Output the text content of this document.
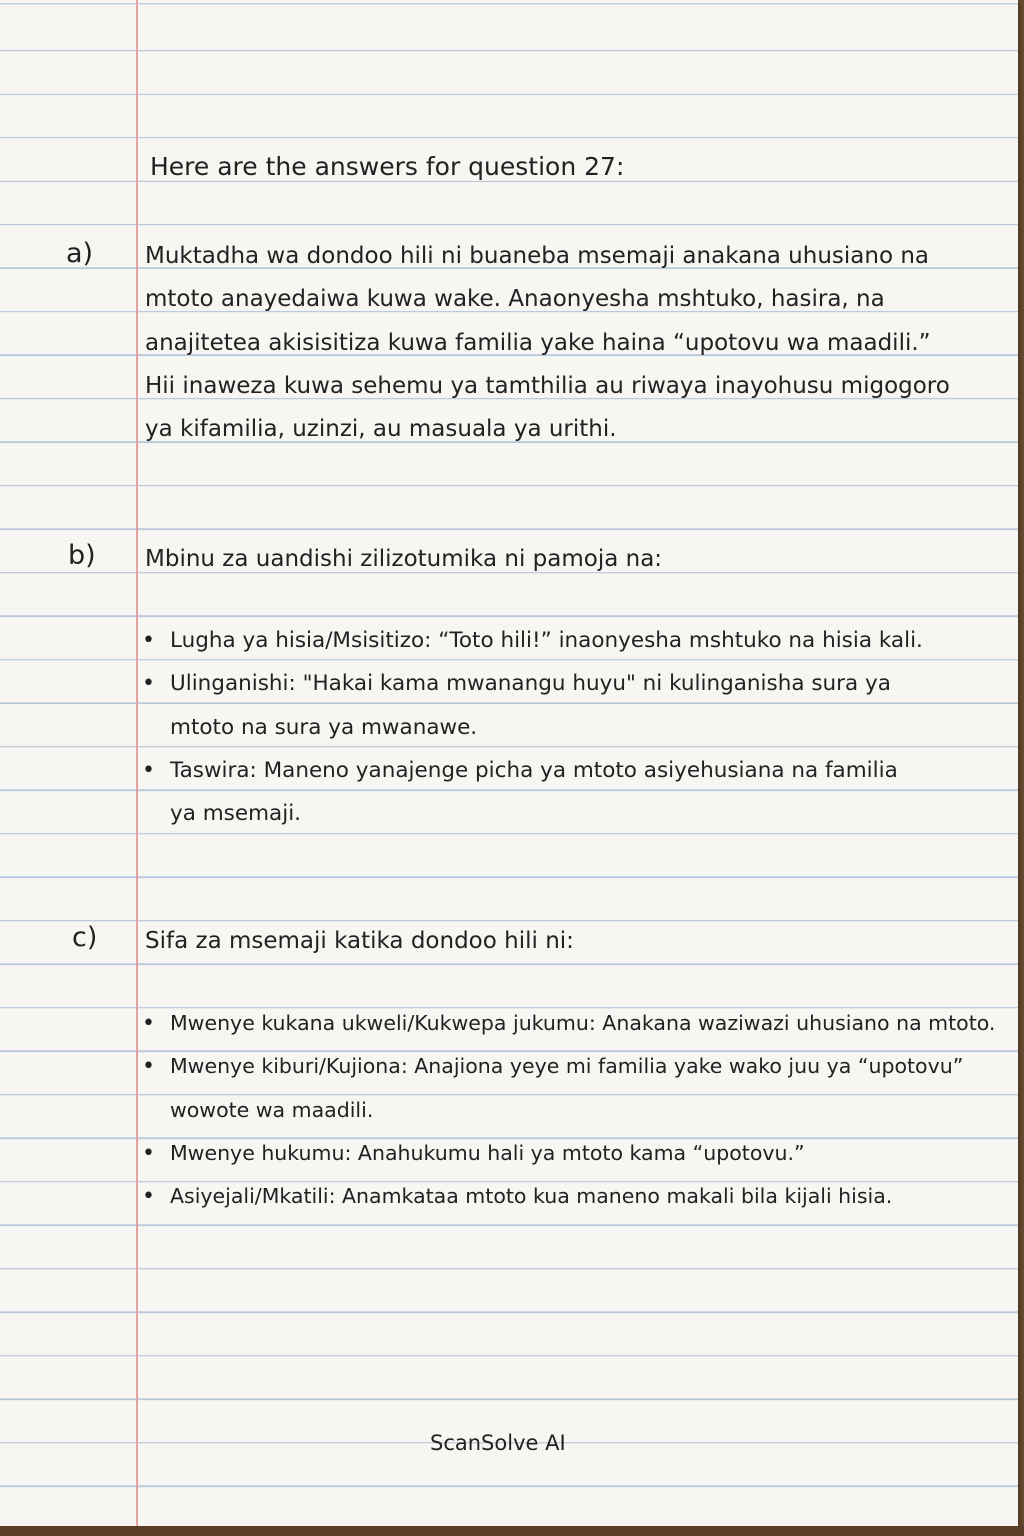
Here are the answers for question 27:
a) Muktadha wa dondoo hili ni buaneba msemaji anakana uhusiano na mtoto anayedaiwa kuwa wake. Anaonyesha mshtuko, hasira, na anajitetea akisisitiza kuwa familia yake haina “upotovu wa maadili.” Hii inaweza kuwa sehemu ya tamthilia au riwaya inayohusu migogoro ya kifamilia, uzinzi, au masuala ya urithi.
b) Mbinu za uandishi zilizotumika ni pamoja na:
• Lugha ya hisia/Msisitizo: “Toto hili!” inaonyesha mshtuko na hisia kali.
• Ulinganishi: "Hakai kama mwanangu huyu" ni kulinganisha sura ya mtoto na sura ya mwanawe.
• Taswira: Maneno yanajenge picha ya mtoto asiyehusiana na familia ya msemaji.
c) Sifa za msemaji katika dondoo hili ni:
• Mwenye kukana ukweli/Kukwepa jukumu: Anakana waziwazi uhusiano na mtoto.
• Mwenye kiburi/Kujiona: Anajiona yeye mi familia yake wako juu ya “upotovu” wowote wa maadili.
• Mwenye hukumu: Anahukumu hali ya mtoto kama “upotovu.”
• Asiyejali/Mkatili: Anamkataa mtoto kua maneno makali bila kijali hisia.
ScanSolve AI
